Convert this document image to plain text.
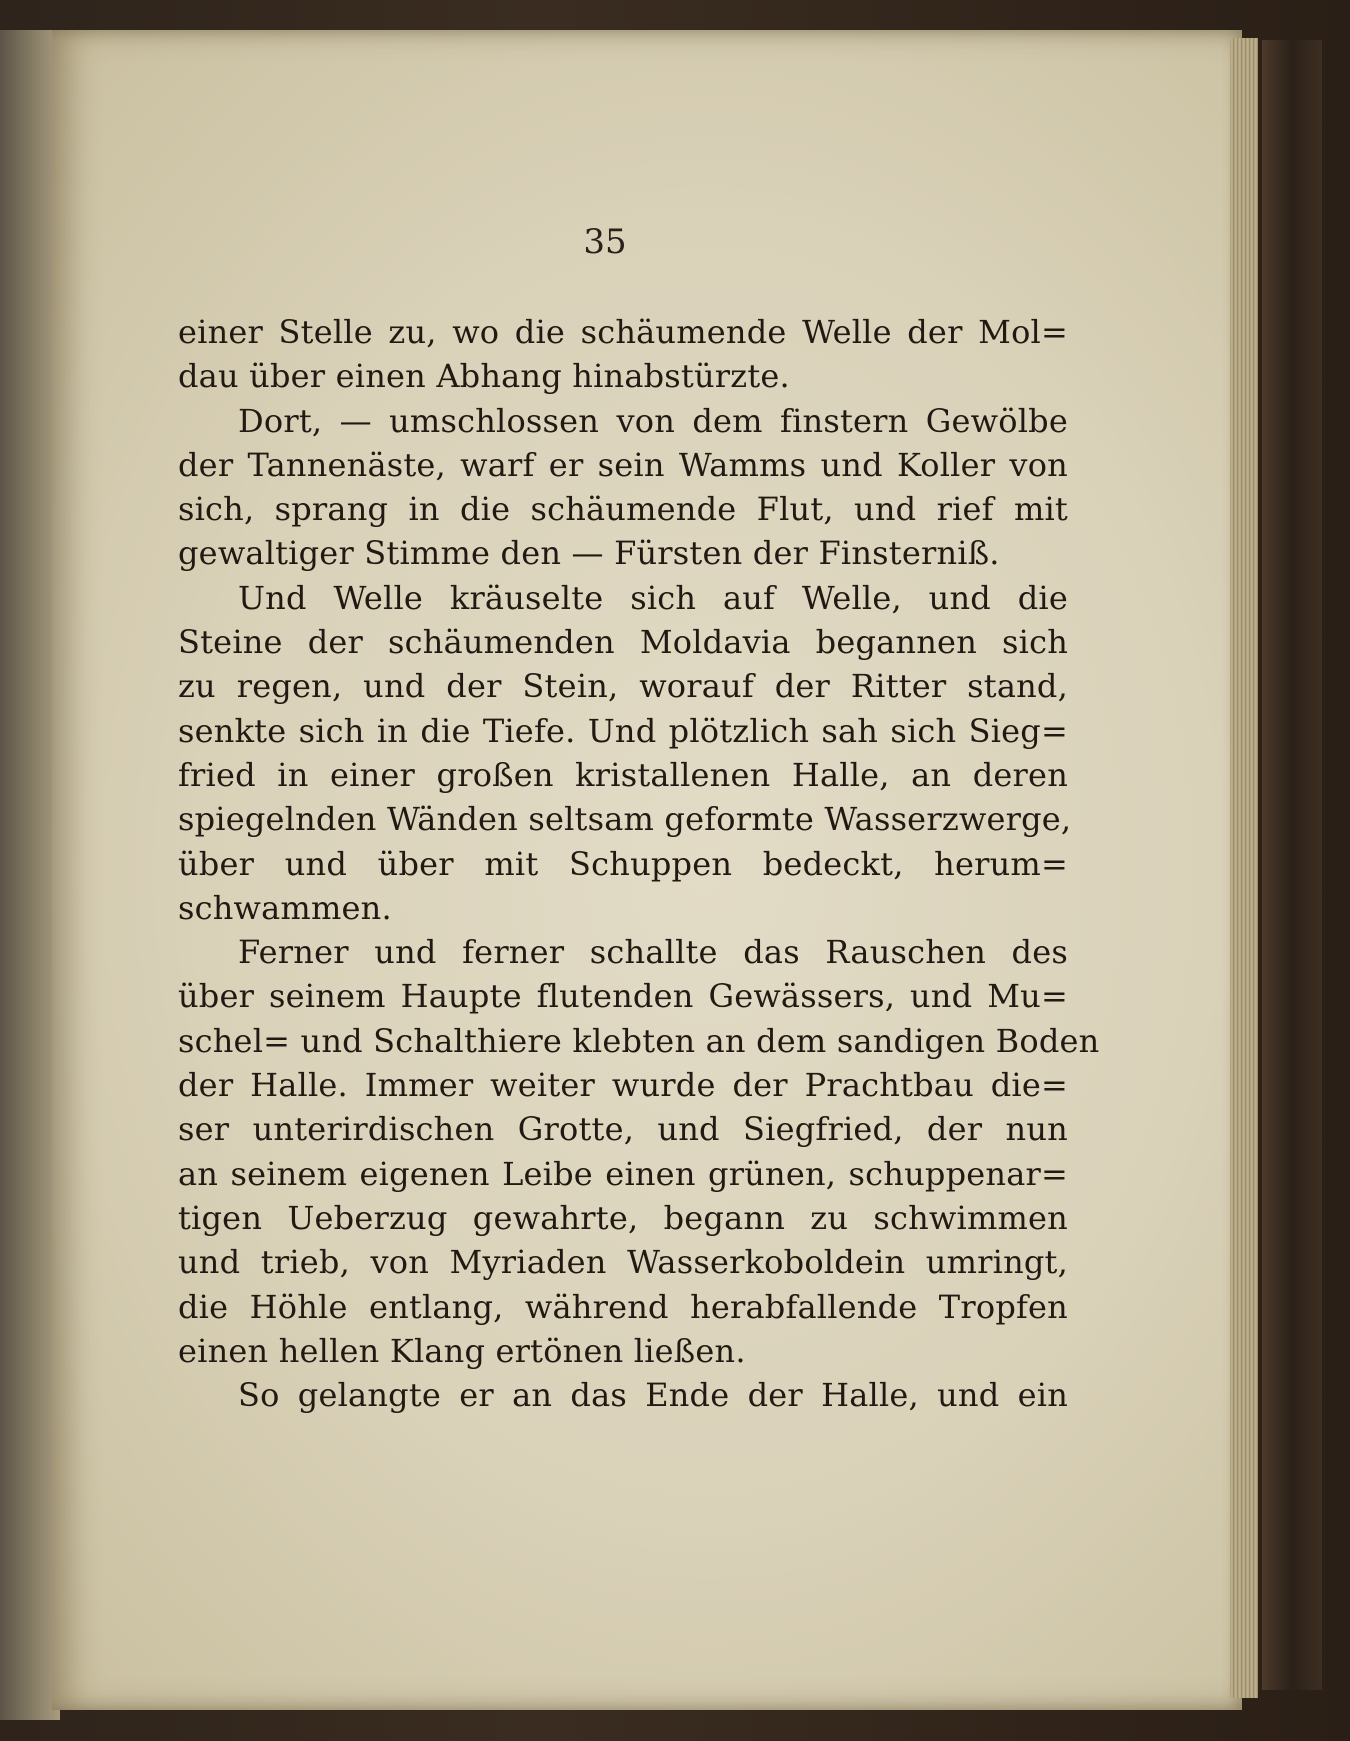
35
einer Stelle zu, wo die schäumende Welle der Mol=
dau über einen Abhang hinabstürzte.
Dort, — umschlossen von dem finstern Gewölbe
der Tannenäste, warf er sein Wamms und Koller von
sich, sprang in die schäumende Flut, und rief mit
gewaltiger Stimme den — Fürsten der Finsterniß.
Und Welle kräuselte sich auf Welle, und die
Steine der schäumenden Moldavia begannen sich
zu regen, und der Stein, worauf der Ritter stand,
senkte sich in die Tiefe. Und plötzlich sah sich Sieg=
fried in einer großen kristallenen Halle, an deren
spiegelnden Wänden seltsam geformte Wasserzwerge,
über und über mit Schuppen bedeckt, herum=
schwammen.
Ferner und ferner schallte das Rauschen des
über seinem Haupte flutenden Gewässers, und Mu=
schel= und Schalthiere klebten an dem sandigen Boden
der Halle. Immer weiter wurde der Prachtbau die=
ser unterirdischen Grotte, und Siegfried, der nun
an seinem eigenen Leibe einen grünen, schuppenar=
tigen Ueberzug gewahrte, begann zu schwimmen
und trieb, von Myriaden Wasserkoboldein umringt,
die Höhle entlang, während herabfallende Tropfen
einen hellen Klang ertönen ließen.
So gelangte er an das Ende der Halle, und ein
